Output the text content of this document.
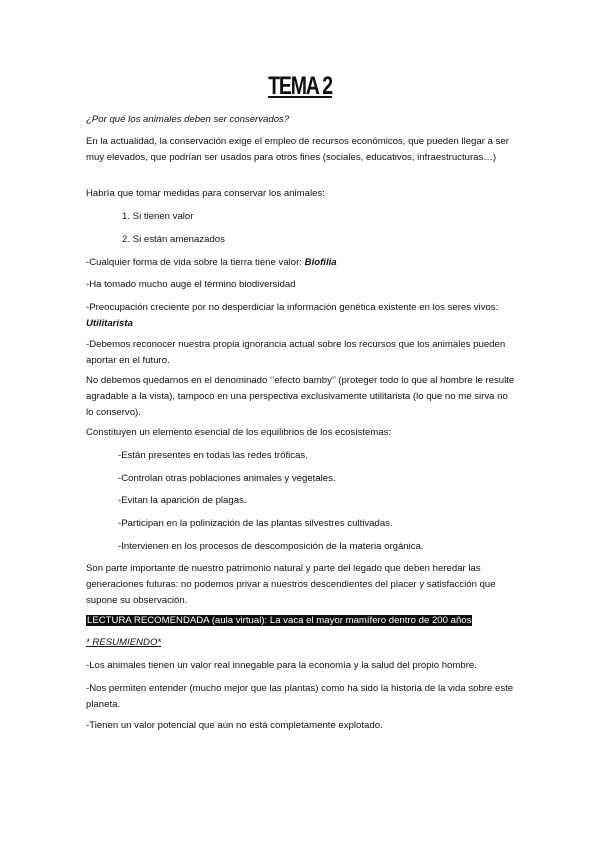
TEMA 2

¿Por qué los animales deben ser conservados?

En la actualidad, la conservación exige el empleo de recursos económicos, que pueden llegar a ser muy elevados, que podrían ser usados para otros fines (sociales, educativos, infraestructuras…)

Habría que tomar medidas para conservar los animales:

1. Si tienen valor

2. Si están amenazados

-Cualquier forma de vida sobre la tierra tiene valor: Biofilia

-Ha tomado mucho auge el término biodiversidad

-Preocupación creciente por no desperdiciar la información genética existente en los seres vivos: Utilitarista

-Debemos reconocer nuestra propia ignorancia actual sobre los recursos que los animales pueden aportar en el futuro.

No debemos quedarnos en el denominado ‘’efecto bamby’’ (proteger todo lo que al hombre le resulte agradable a la vista), tampoco en una perspectiva exclusivamente utilitarista (lo que no me sirva no lo conservo).

Constituyen un elemento esencial de los equilibrios de los ecosistemas:

-Están presentes en todas las redes tróficas.

-Controlan otras poblaciones animales y vegetales.

-Evitan la aparición de plagas.

-Participan en la polinización de las plantas silvestres cultivadas.

-Intervienen en los procesos de descomposición de la materia orgánica.

Son parte importante de nuestro patrimonio natural y parte del legado que deben heredar las generaciones futuras: no podemos privar a nuestros descendientes del placer y satisfacción que supone su observación.

LECTURA RECOMENDADA (aula virtual): La vaca el mayor mamífero dentro de 200 años

* RESUMIENDO*

-Los animales tienen un valor real innegable para la economía y la salud del propio hombre.

-Nos permiten entender (mucho mejor que las plantas) como ha sido la historia de la vida sobre este planeta.

-Tienen un valor potencial que aún no está completamente explotado.
